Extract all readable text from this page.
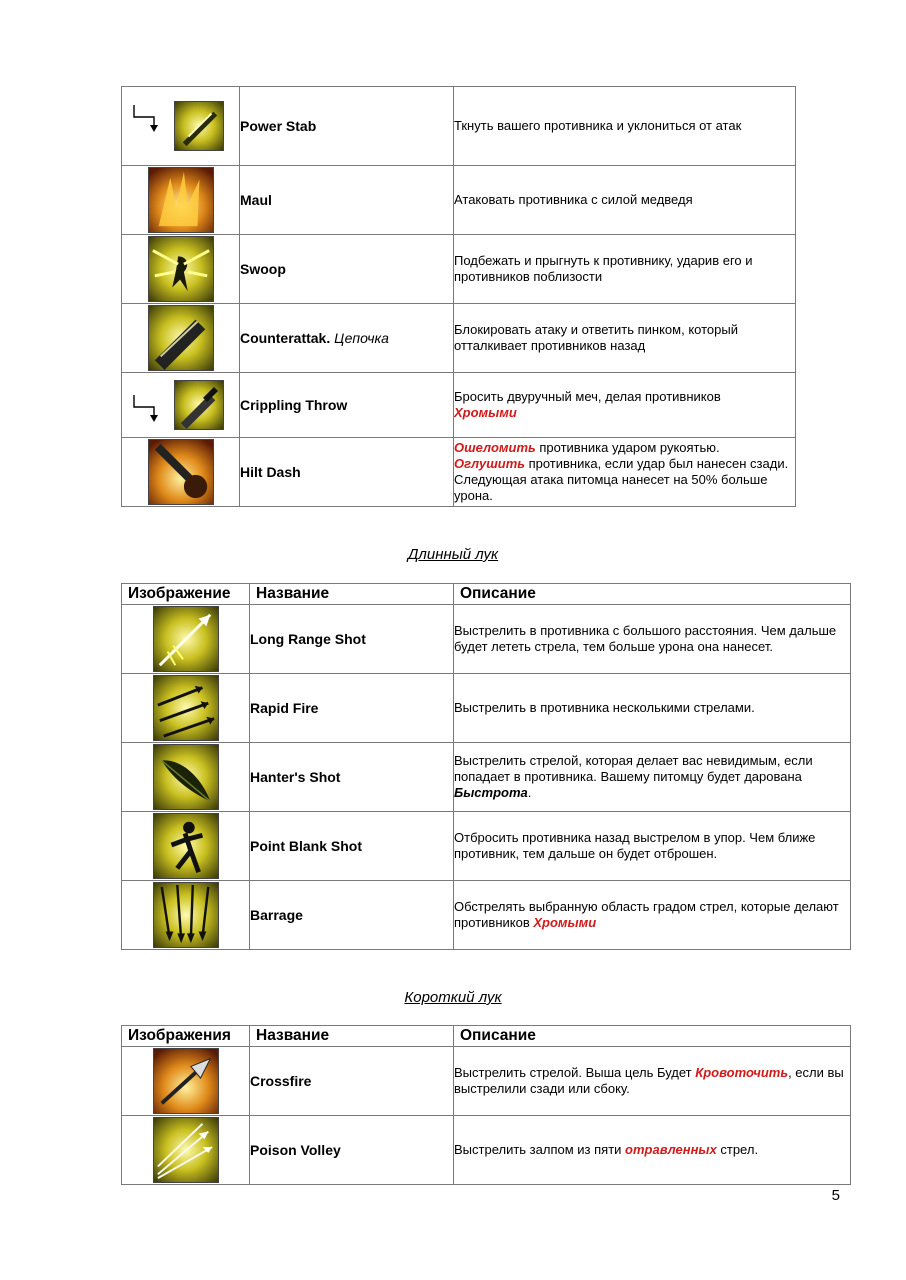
	Power Stab	Ткнуть вашего противника и уклониться от атак
	Maul	Атаковать противника с силой медведя
	Swoop	Подбежать и прыгнуть к противнику, ударив его и противников поблизости
	Counterattak. Цепочка	Блокировать атаку и ответить пинком, который отталкивает противников назад

	Crippling Throw	Бросить двуручный меч, делая противников
Хромыми
	Hilt Dash	Ошеломить противника ударом рукоятью.
Оглушить противника, если удар был нанесен сзади. Следующая атака питомца нанесет на 50% больше урона.
Длинный лук
Изображение	Название	Описание
	Long Range Shot	Выстрелить в противника с большого расстояния. Чем дальше будет лететь стрела, тем больше урона она нанесет.
	Rapid Fire	Выстрелить в противника несколькими стрелами.
	Hanter's Shot	Выстрелить стрелой, которая делает вас невидимым, если попадает в противника. Вашему питомцу будет дарована Быстрота.
	Point Blank Shot	Отбросить противника назад выстрелом в упор. Чем ближе противник, тем дальше он будет отброшен.
	Barrage	Обстрелять выбранную область градом стрел, которые делают противников Хромыми
Короткий лук
Изображения	Название	Описание
	Crossfire	Выстрелить стрелой. Выша цель Будет Кровоточить, если вы выстрелили сзади или сбоку.
	Poison Volley	Выстрелить залпом из пяти отравленных стрел.
5
